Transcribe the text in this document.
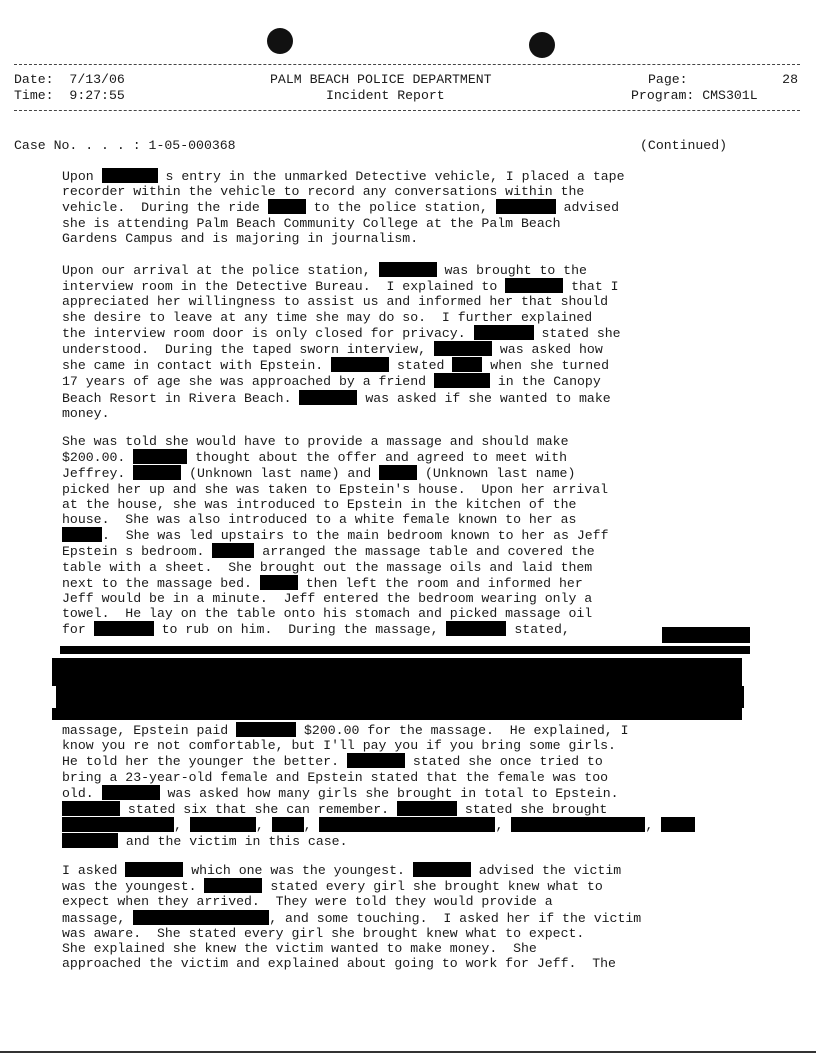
Date: 7/13/06
Time: 9:27:55
PALM BEACH POLICE DEPARTMENT
Incident Report
Page:	28
Program: CMS301L
Case No. . . . : 1-05-000368	(Continued)
Upon	s entry in the unmarked Detective vehicle, I placed a tape
recorder within the vehicle to record any conversations within the
vehicle.  During the ride	to the police station,	advised
she is attending Palm Beach Community College at the Palm Beach
Gardens Campus and is majoring in journalism.
Upon our arrival at the police station,	was brought to the
interview room in the Detective Bureau.  I explained to	that I
appreciated her willingness to assist us and informed her that should
she desire to leave at any time she may do so.  I further explained
the interview room door is only closed for privacy.	stated she
understood.  During the taped sworn interview,	was asked how
she came in contact with Epstein.	stated  when she turned
17 years of age she was approached by a friend	in the Canopy
Beach Resort in Rivera Beach.	was asked if she wanted to make
money.
She was told she would have to provide a massage and should make
$200.00.	thought about the offer and agreed to meet with
Jeffrey.	(Unknown last name) and	(Unknown last name)
picked her up and she was taken to Epstein's house.  Upon her arrival
at the house, she was introduced to Epstein in the kitchen of the
house.  She was also introduced to a white female known to her as
.  She was led upstairs to the main bedroom known to her as Jeff
Epstein s bedroom.	arranged the massage table and covered the
table with a sheet.  She brought out the massage oils and laid them
next to the massage bed.	then left the room and informed her
Jeff would be in a minute.  Jeff entered the bedroom wearing only a
towel.  He lay on the table onto his stomach and picked massage oil
for	to rub on him.  During the massage,	stated,
massage, Epstein paid	$200.00 for the massage.  He explained, I
know you re not comfortable, but I'll pay you if you bring some girls.
He told her the younger the better.	stated she once tried to
bring a 23-year-old female and Epstein stated that the female was too
old.	was asked how many girls she brought in total to Epstein.
stated six that she can remember.	stated she brought
,	, ,	,	,
and the victim in this case.
I asked	which one was the youngest.	advised the victim
was the youngest.	stated every girl she brought knew what to
expect when they arrived.  They were told they would provide a
massage,	, and some touching.  I asked her if the victim
was aware.  She stated every girl she brought knew what to expect.
She explained she knew the victim wanted to make money.  She
approached the victim and explained about going to work for Jeff.  The
